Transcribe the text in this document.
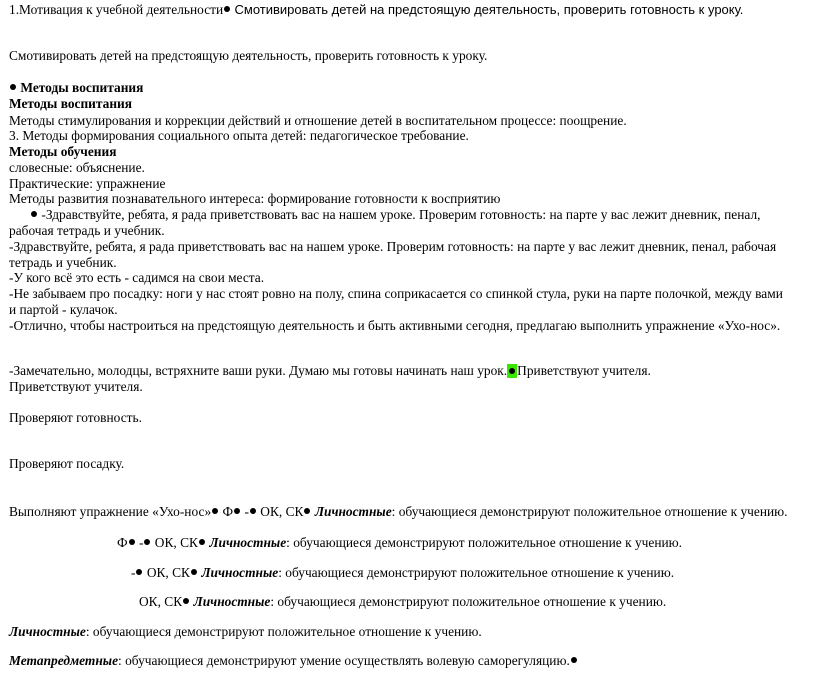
1.Мотивация к учебной деятельности Смотивировать детей на предстоящую деятельность, проверить готовность к уроку.
Смотивировать детей на предстоящую деятельность, проверить готовность к уроку.
Методы воспитания
Методы воспитания
Методы стимулирования и коррекции действий и отношение детей в воспитательном процессе: поощрение.
3. Методы формирования социального опыта детей: педагогическое требование.
Методы обучения
словесные: объяснение.
Практические: упражнение
Методы развития познавательного интереса: формирование готовности к восприятию
-Здравствуйте, ребята, я рада приветствовать вас на нашем уроке. Проверим готовность: на парте у вас лежит дневник, пенал,
рабочая тетрадь и учебник.
-Здравствуйте, ребята, я рада приветствовать вас на нашем уроке. Проверим готовность: на парте у вас лежит дневник, пенал, рабочая
тетрадь и учебник.
-У кого всё это есть - садимся на свои места.
-Не забываем про посадку: ноги у нас стоят ровно на полу, спина соприкасается со спинкой стула, руки на парте полочкой, между вами
и партой - кулачок.
-Отлично, чтобы настроиться на предстоящую деятельность и быть активными сегодня, предлагаю выполнить упражнение «Ухо-нос».
-Замечательно, молодцы, встряхните ваши руки. Думаю мы готовы начинать наш урок. Приветствуют учителя.
Приветствуют учителя.
Проверяют готовность.
Проверяют посадку.
Выполняют упражнение «Ухо-нос» Ф - ОК, СК Личностные: обучающиеся демонстрируют положительное отношение к учению.
Ф - ОК, СК Личностные: обучающиеся демонстрируют положительное отношение к учению.
- ОК, СК Личностные: обучающиеся демонстрируют положительное отношение к учению.
ОК, СК Личностные: обучающиеся демонстрируют положительное отношение к учению.
Личностные: обучающиеся демонстрируют положительное отношение к учению.
Метапредметные: обучающиеся демонстрируют умение осуществлять волевую саморегуляцию.
